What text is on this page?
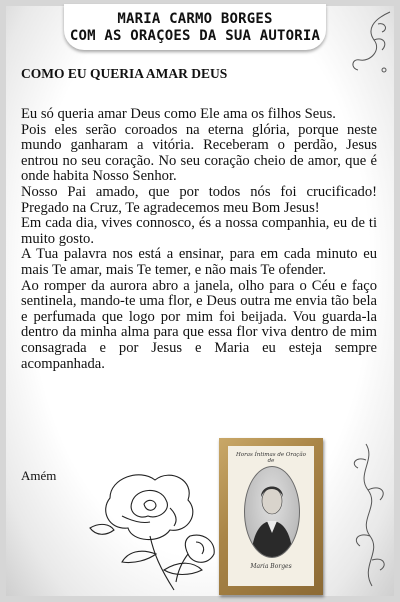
MARIA CARMO BORGES
COM AS ORAÇOES DA SUA AUTORIA
COMO EU QUERIA AMAR DEUS

Eu só queria amar Deus como Ele ama os filhos Seus.

Pois eles serão coroados na eterna glória, porque neste mundo ganharam a vitória. Receberam o perdão, Jesus entrou no seu coração. No seu coração cheio de amor, que é onde habita Nosso Senhor.

Nosso Pai amado, que por todos nós foi crucificado! Pregado na Cruz, Te agradecemos meu Bom Jesus!

Em cada dia, vives connosco, és a nossa companhia, eu de ti muito gosto.

A Tua palavra nos está a ensinar, para em cada minuto eu mais Te amar, mais Te temer, e não mais Te ofender.

Ao romper da aurora abro a janela, olho para o Céu e faço sentinela, mando-te uma flor, e Deus outra me envia tão bela e perfumada que logo por mim foi beijada. Vou guarda-la dentro da minha alma para que essa flor viva dentro de mim consagrada e por Jesus e Maria eu esteja sempre acompanhada.

Amém
Horas Íntimas de Oração
de
Maria Borges
